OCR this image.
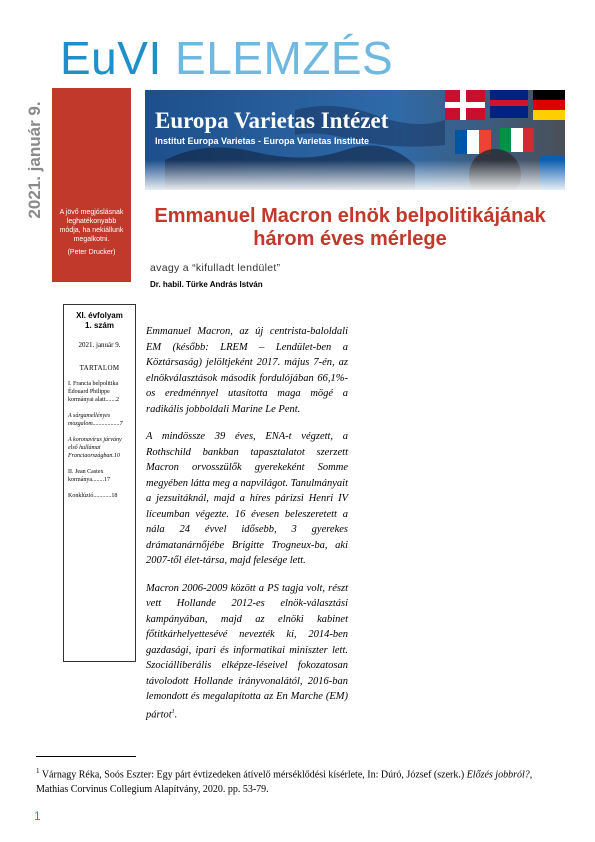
EuVI ELEMZÉS
2021. január 9.	A jövő megjóslásnak leghatékonyabb módja, ha nekiállunk megalkotni.
(Peter Drucker)
Europa Varietas Intézet
Institut Europa Varietas - Europa Varietas Institute
Emmanuel Macron elnök belpolitikájának három éves mérlege
avagy a “kifulladt lendület”
Dr. habil. Türke András István
XI. évfolyam
1. szám
2021. január 9.
TARTALOM
I. Francia belpolitika Édouard Philippe kormányai alatt.......2
A sárgamellényes mozgalom..................7
A koronavírus járvány első hullámai Franciaországban.10
II. Jean Castex kormánya........17
Konklúzió............18

Emmanuel Macron, az új centrista-baloldali EM (később: LREM – Lendület-ben a Köztársaság) jelöltjeként 2017. május 7-én, az elnökválasztások második fordulójában 66,1%-os eredménnyel utasította maga mögé a radikális jobboldali Marine Le Pent.

A mindössze 39 éves, ENA-t végzett, a Rothschild bankban tapasztalatot szerzett Macron orvosszülők gyerekeként Somme megyében látta meg a napvilágot. Tanulmányait a jezsuitáknál, majd a híres párizsi Henri IV líceumban végezte. 16 évesen beleszeretett a nála 24 évvel idősebb, 3 gyerekes drámatanárnőjébe Brigitte Trogneux-ba, aki 2007-től élet-társa, majd felesége lett.

Macron 2006-2009 között a PS tagja volt, részt vett Hollande 2012-es elnök-választási kampányában, majd az elnöki kabinet főtitkárhelyettesévé nevezték ki, 2014-ben gazdasági, ipari és informatikai miniszter lett. Szociálliberális elképze-léseivel fokozatosan távolodott Hollande irányvonalától, 2016-ban lemondott és megalapította az En Marche (EM) pártot$^1$.

$^1$ Várnagy Réka, Soós Eszter: Egy párt évtizedeken átívelő mérséklődési kísérlete, In: Dúró, József (szerk.) Előzés jobbról?, Mathias Corvinus Collegium Alapítvány, 2020. pp. 53-79.
1
